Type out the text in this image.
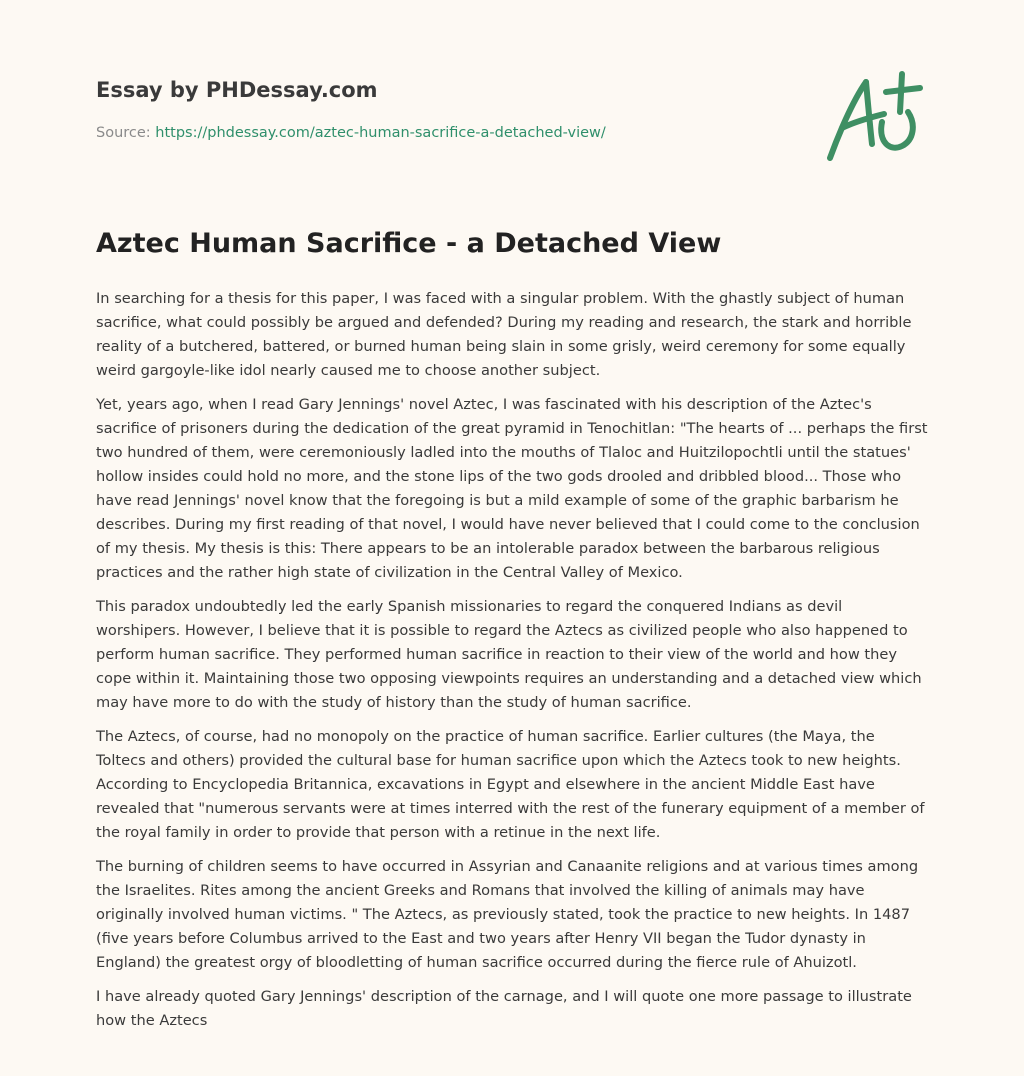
Essay by PHDessay.com

Source: https://phdessay.com/aztec-human-sacrifice-a-detached-view/

Aztec Human Sacrifice - a Detached View

In searching for a thesis for this paper, I was faced with a singular problem. With the ghastly subject of human sacrifice, what could possibly be argued and defended? During my reading and research, the stark and horrible reality of a butchered, battered, or burned human being slain in some grisly, weird ceremony for some equally weird gargoyle-like idol nearly caused me to choose another subject.

Yet, years ago, when I read Gary Jennings' novel Aztec, I was fascinated with his description of the Aztec's sacrifice of prisoners during the dedication of the great pyramid in Tenochitlan: "The hearts of ... perhaps the first two hundred of them, were ceremoniously ladled into the mouths of Tlaloc and Huitzilopochtli until the statues' hollow insides could hold no more, and the stone lips of the two gods drooled and dribbled blood... Those who have read Jennings' novel know that the foregoing is but a mild example of some of the graphic barbarism he describes. During my first reading of that novel, I would have never believed that I could come to the conclusion of my thesis. My thesis is this: There appears to be an intolerable paradox between the barbarous religious practices and the rather high state of civilization in the Central Valley of Mexico.

This paradox undoubtedly led the early Spanish missionaries to regard the conquered Indians as devil worshipers. However, I believe that it is possible to regard the Aztecs as civilized people who also happened to perform human sacrifice. They performed human sacrifice in reaction to their view of the world and how they cope within it. Maintaining those two opposing viewpoints requires an understanding and a detached view which may have more to do with the study of history than the study of human sacrifice.

The Aztecs, of course, had no monopoly on the practice of human sacrifice. Earlier cultures (the Maya, the Toltecs and others) provided the cultural base for human sacrifice upon which the Aztecs took to new heights. According to Encyclopedia Britannica, excavations in Egypt and elsewhere in the ancient Middle East have revealed that "numerous servants were at times interred with the rest of the funerary equipment of a member of the royal family in order to provide that person with a retinue in the next life.

The burning of children seems to have occurred in Assyrian and Canaanite religions and at various times among the Israelites. Rites among the ancient Greeks and Romans that involved the killing of animals may have originally involved human victims. " The Aztecs, as previously stated, took the practice to new heights. In 1487 (five years before Columbus arrived to the East and two years after Henry VII began the Tudor dynasty in England) the greatest orgy of bloodletting of human sacrifice occurred during the fierce rule of Ahuizotl.

I have already quoted Gary Jennings' description of the carnage, and I will quote one more passage to illustrate how the Aztecs
